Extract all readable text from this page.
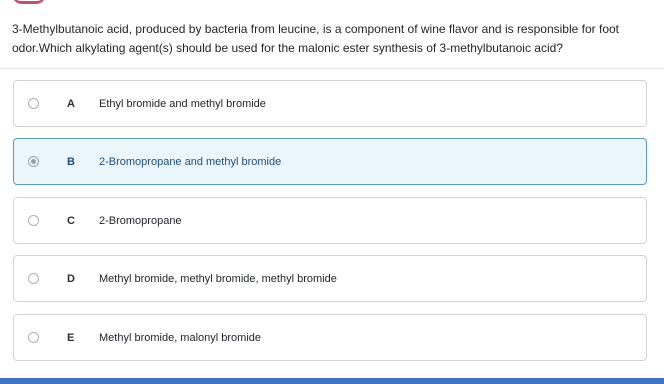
3-Methylbutanoic acid, produced by bacteria from leucine, is a component of wine flavor and is responsible for foot odor.Which alkylating agent(s) should be used for the malonic ester synthesis of 3-methylbutanoic acid?
A Ethyl bromide and methyl bromide
B 2-Bromopropane and methyl bromide
C 2-Bromopropane
D Methyl bromide, methyl bromide, methyl bromide
E Methyl bromide, malonyl bromide
